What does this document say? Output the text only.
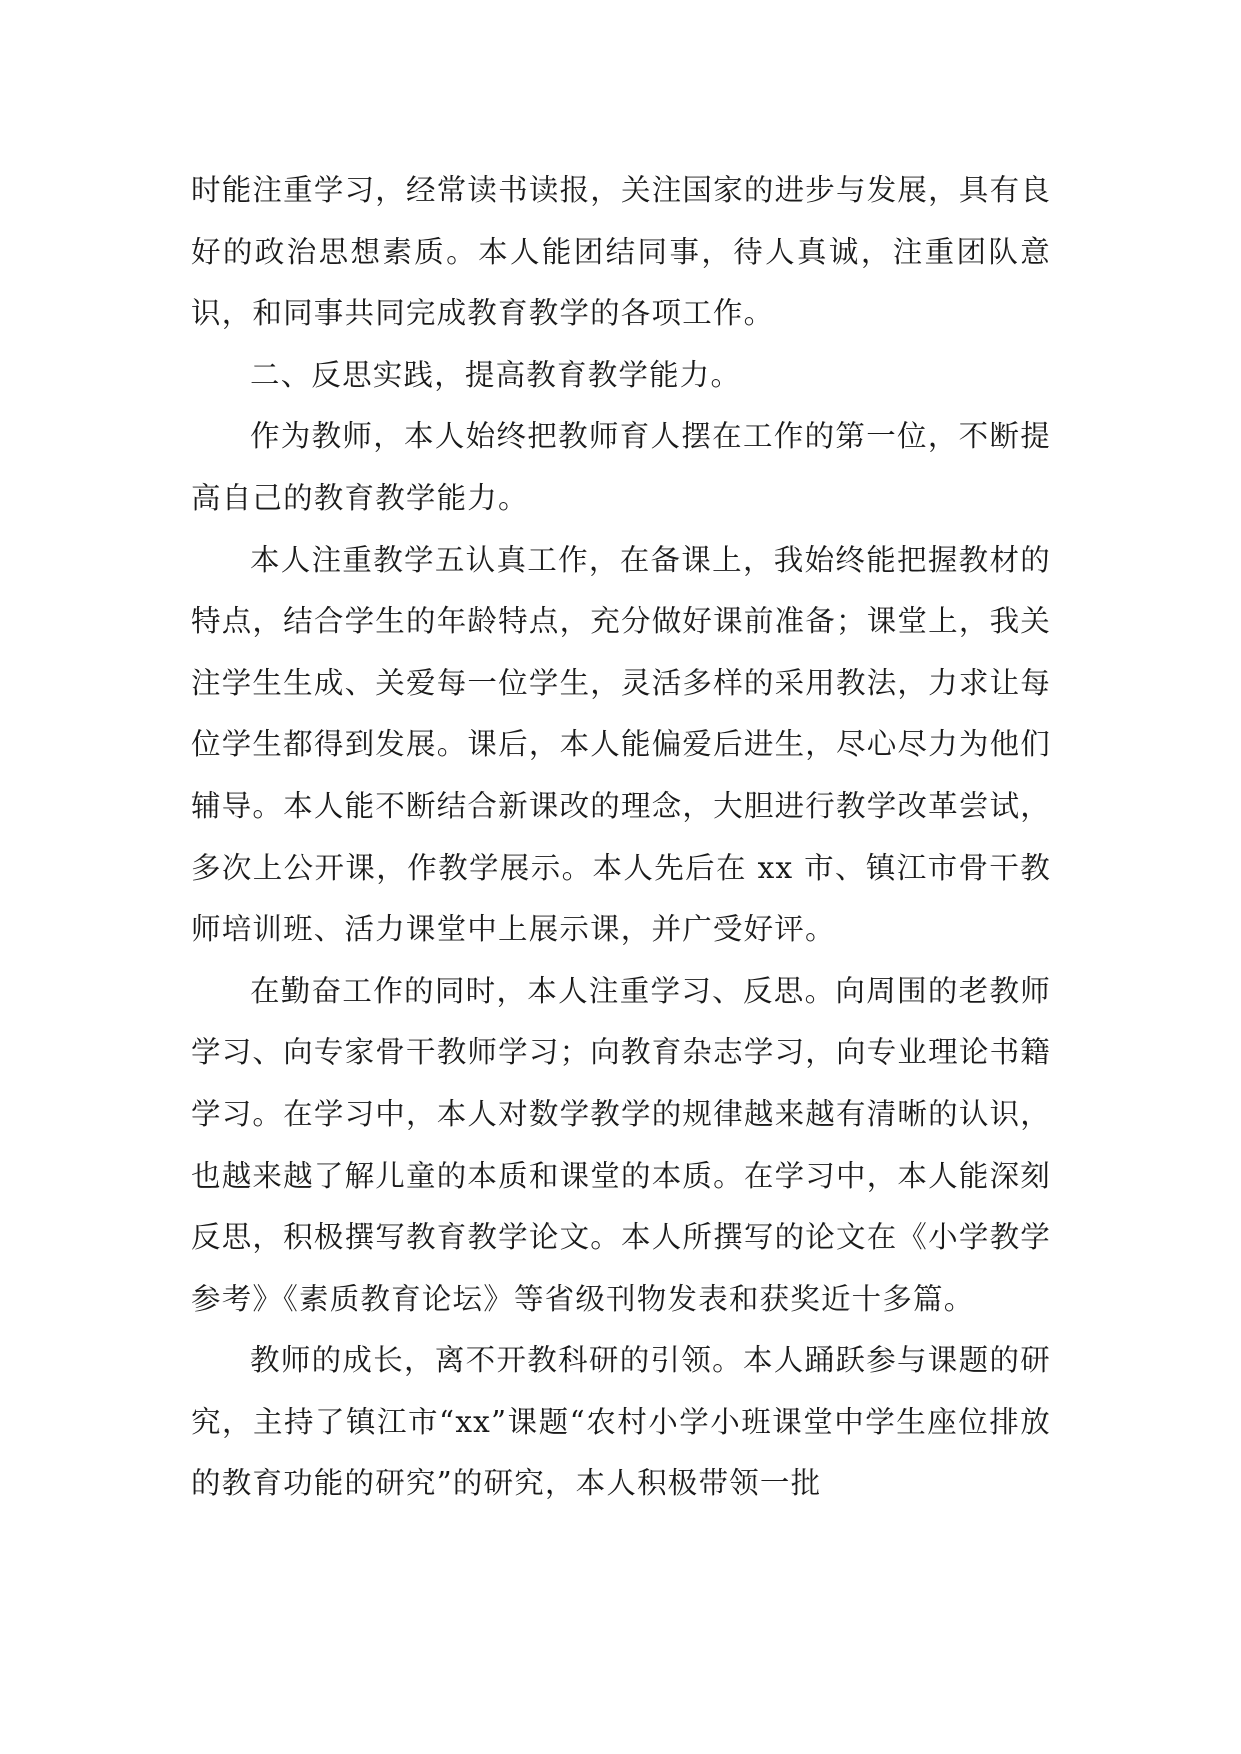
时能注重学习，经常读书读报，关注国家的进步与发展，具有良好的政治思想素质。本人能团结同事，待人真诚，注重团队意识，和同事共同完成教育教学的各项工作。

二、反思实践，提高教育教学能力。

作为教师，本人始终把教师育人摆在工作的第一位，不断提高自己的教育教学能力。

本人注重教学五认真工作，在备课上，我始终能把握教材的特点，结合学生的年龄特点，充分做好课前准备；课堂上，我关注学生生成、关爱每一位学生，灵活多样的采用教法，力求让每位学生都得到发展。课后，本人能偏爱后进生，尽心尽力为他们辅导。本人能不断结合新课改的理念，大胆进行教学改革尝试，多次上公开课，作教学展示。本人先后在 xx 市、镇江市骨干教师培训班、活力课堂中上展示课，并广受好评。

在勤奋工作的同时，本人注重学习、反思。向周围的老教师学习、向专家骨干教师学习；向教育杂志学习，向专业理论书籍学习。在学习中，本人对数学教学的规律越来越有清晰的认识，也越来越了解儿童的本质和课堂的本质。在学习中，本人能深刻反思，积极撰写教育教学论文。本人所撰写的论文在《小学教学参考》《素质教育论坛》等省级刊物发表和获奖近十多篇。

教师的成长，离不开教科研的引领。本人踊跃参与课题的研究，主持了镇江市“xx”课题“农村小学小班课堂中学生座位排放的教育功能的研究”的研究，本人积极带领一批
